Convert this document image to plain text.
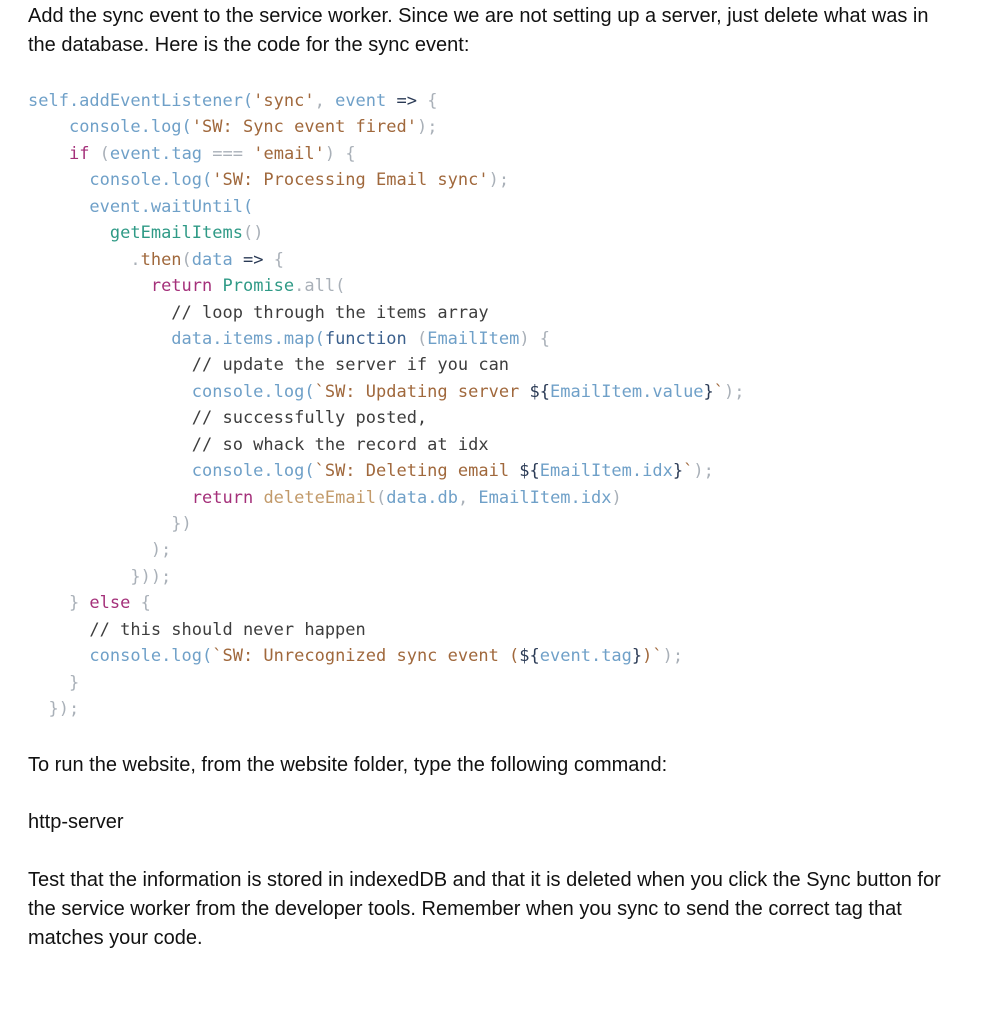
Add the sync event to the service worker. Since we are not setting up a server, just delete what was in the database. Here is the code for the sync event:

self.addEventListener('sync', event => {
console.log('SW: Sync event fired');
if (event.tag === 'email') {
console.log('SW: Processing Email sync');
event.waitUntil(
getEmailItems()
.then(data => {
return Promise.all(
// loop through the items array
data.items.map(function (EmailItem) {
// update the server if you can
console.log(`SW: Updating server ${EmailItem.value}`);
// successfully posted,
// so whack the record at idx
console.log(`SW: Deleting email ${EmailItem.idx}`);
return deleteEmail(data.db, EmailItem.idx)
})
);
}));
} else {
// this should never happen
console.log(`SW: Unrecognized sync event (${event.tag})`);
}
});

To run the website, from the website folder, type the following command:

http-server

Test that the information is stored in indexedDB and that it is deleted when you click the Sync button for the service worker from the developer tools. Remember when you sync to send the correct tag that matches your code.
